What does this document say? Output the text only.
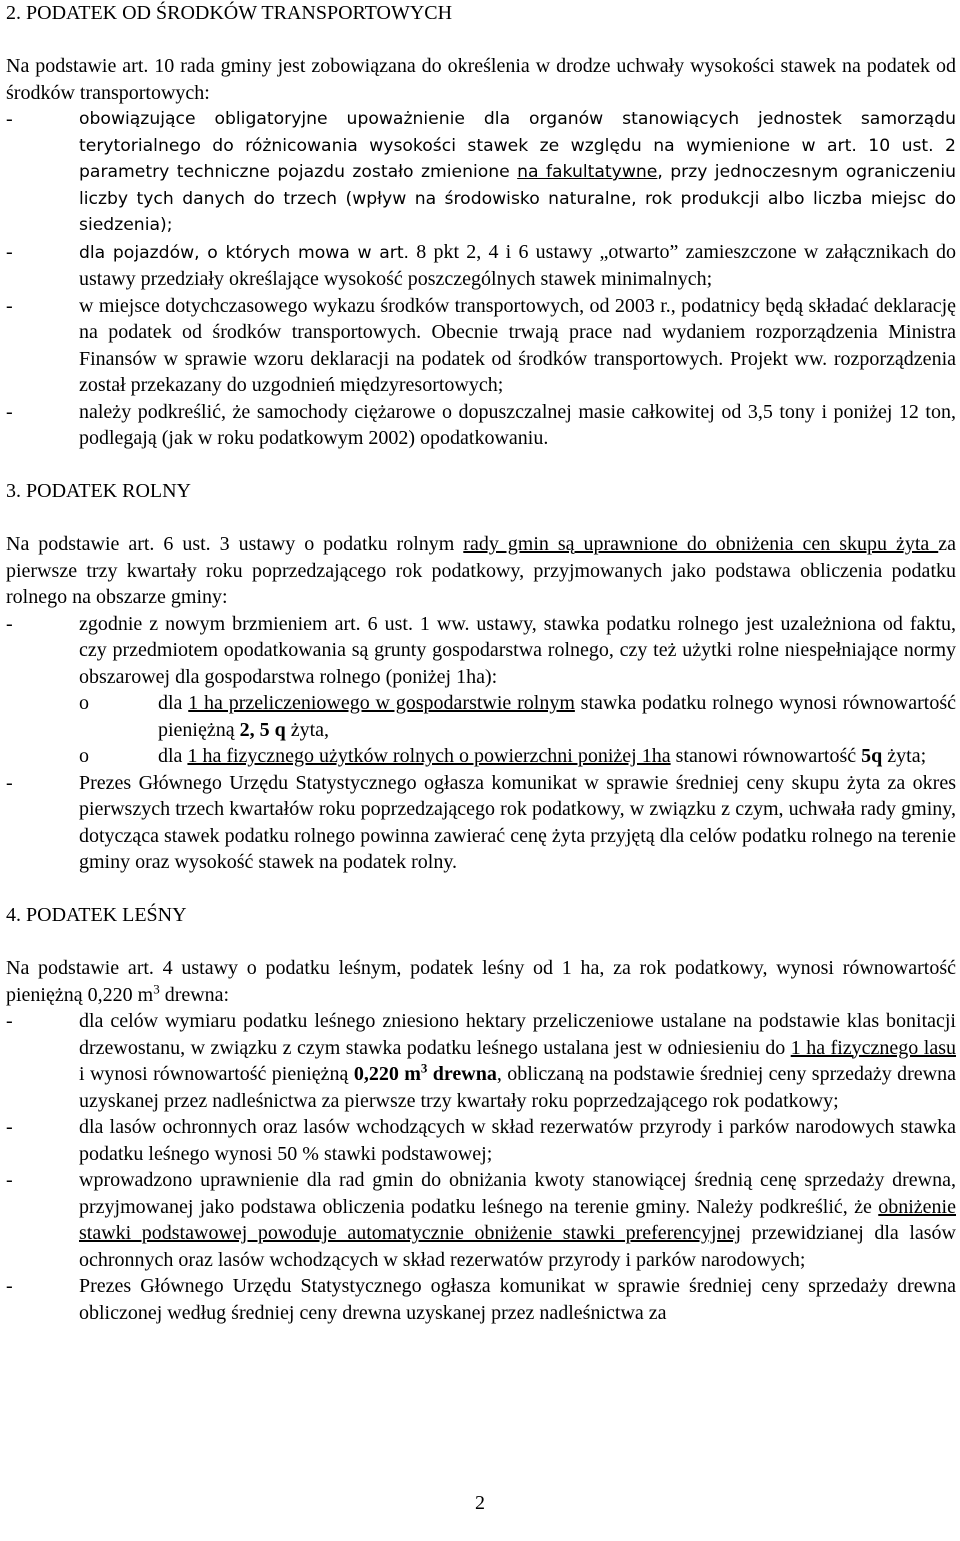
2. PODATEK OD ŚRODKÓW TRANSPORTOWYCH

Na podstawie art. 10 rada gminy jest zobowiązana do określenia w drodze uchwały wysokości stawek na podatek od środków transportowych:

-	obowiązujące obligatoryjne upoważnienie dla organów stanowiących jednostek samorządu terytorialnego do różnicowania wysokości stawek ze względu na wymienione w art. 10 ust. 2 parametry techniczne pojazdu zostało zmienione na fakultatywne, przy jednoczesnym ograniczeniu liczby tych danych do trzech (wpływ na środowisko naturalne, rok produkcji albo liczba miejsc do siedzenia);
-	dla pojazdów, o których mowa w art. 8 pkt 2, 4 i 6 ustawy „otwarto” zamieszczone w załącznikach do ustawy przedziały określające wysokość poszczególnych stawek minimalnych;
-	w miejsce dotychczasowego wykazu środków transportowych, od 2003 r., podatnicy będą składać deklarację na podatek od środków transportowych. Obecnie trwają prace nad wydaniem rozporządzenia Ministra Finansów w sprawie wzoru deklaracji na podatek od środków transportowych. Projekt ww. rozporządzenia został przekazany do uzgodnień międzyresortowych;
-	należy podkreślić, że samochody ciężarowe o dopuszczalnej masie całkowitej od 3,5 tony i poniżej 12 ton, podlegają (jak w roku podatkowym 2002) opodatkowaniu.
3. PODATEK ROLNY

Na podstawie art. 6 ust. 3 ustawy o podatku rolnym rady gmin są uprawnione do obniżenia cen skupu żyta za pierwsze trzy kwartały roku poprzedzającego rok podatkowy, przyjmowanych jako podstawa obliczenia podatku rolnego na obszarze gminy:

-	zgodnie z nowym brzmieniem art. 6 ust. 1 ww. ustawy, stawka podatku rolnego jest uzależniona od faktu, czy przedmiotem opodatkowania są grunty gospodarstwa rolnego, czy też użytki rolne niespełniające normy obszarowej dla gospodarstwa rolnego (poniżej 1ha):
o	dla 1 ha przeliczeniowego w gospodarstwie rolnym stawka podatku rolnego wynosi równowartość pieniężną 2, 5 q żyta,
o	dla 1 ha fizycznego użytków rolnych o powierzchni poniżej 1ha stanowi równowartość 5q żyta;
-	Prezes Głównego Urzędu Statystycznego ogłasza komunikat w sprawie średniej ceny skupu żyta za okres pierwszych trzech kwartałów roku poprzedzającego rok podatkowy, w związku z czym, uchwała rady gminy, dotycząca stawek podatku rolnego powinna zawierać cenę żyta przyjętą dla celów podatku rolnego na terenie gminy oraz wysokość stawek na podatek rolny.
4. PODATEK LEŚNY

Na podstawie art. 4 ustawy o podatku leśnym, podatek leśny od 1 ha, za rok podatkowy, wynosi równowartość pieniężną 0,220 $m^3$ drewna:

-	dla celów wymiaru podatku leśnego zniesiono hektary przeliczeniowe ustalane na podstawie klas bonitacji drzewostanu, w związku z czym stawka podatku leśnego ustalana jest w odniesieniu do 1 ha fizycznego lasu i wynosi równowartość pieniężną 0,220 $m^3$ drewna, obliczaną na podstawie średniej ceny sprzedaży drewna uzyskanej przez nadleśnictwa za pierwsze trzy kwartały roku poprzedzającego rok podatkowy;
-	dla lasów ochronnych oraz lasów wchodzących w skład rezerwatów przyrody i parków narodowych stawka podatku leśnego wynosi 50 % stawki podstawowej;
-	wprowadzono uprawnienie dla rad gmin do obniżania kwoty stanowiącej średnią cenę sprzedaży drewna, przyjmowanej jako podstawa obliczenia podatku leśnego na terenie gminy. Należy podkreślić, że obniżenie stawki podstawowej powoduje automatycznie obniżenie stawki preferencyjnej przewidzianej dla lasów ochronnych oraz lasów wchodzących w skład rezerwatów przyrody i parków narodowych;
-	Prezes Głównego Urzędu Statystycznego ogłasza komunikat w sprawie średniej ceny sprzedaży drewna obliczonej według średniej ceny drewna uzyskanej przez nadleśnictwa za
2
